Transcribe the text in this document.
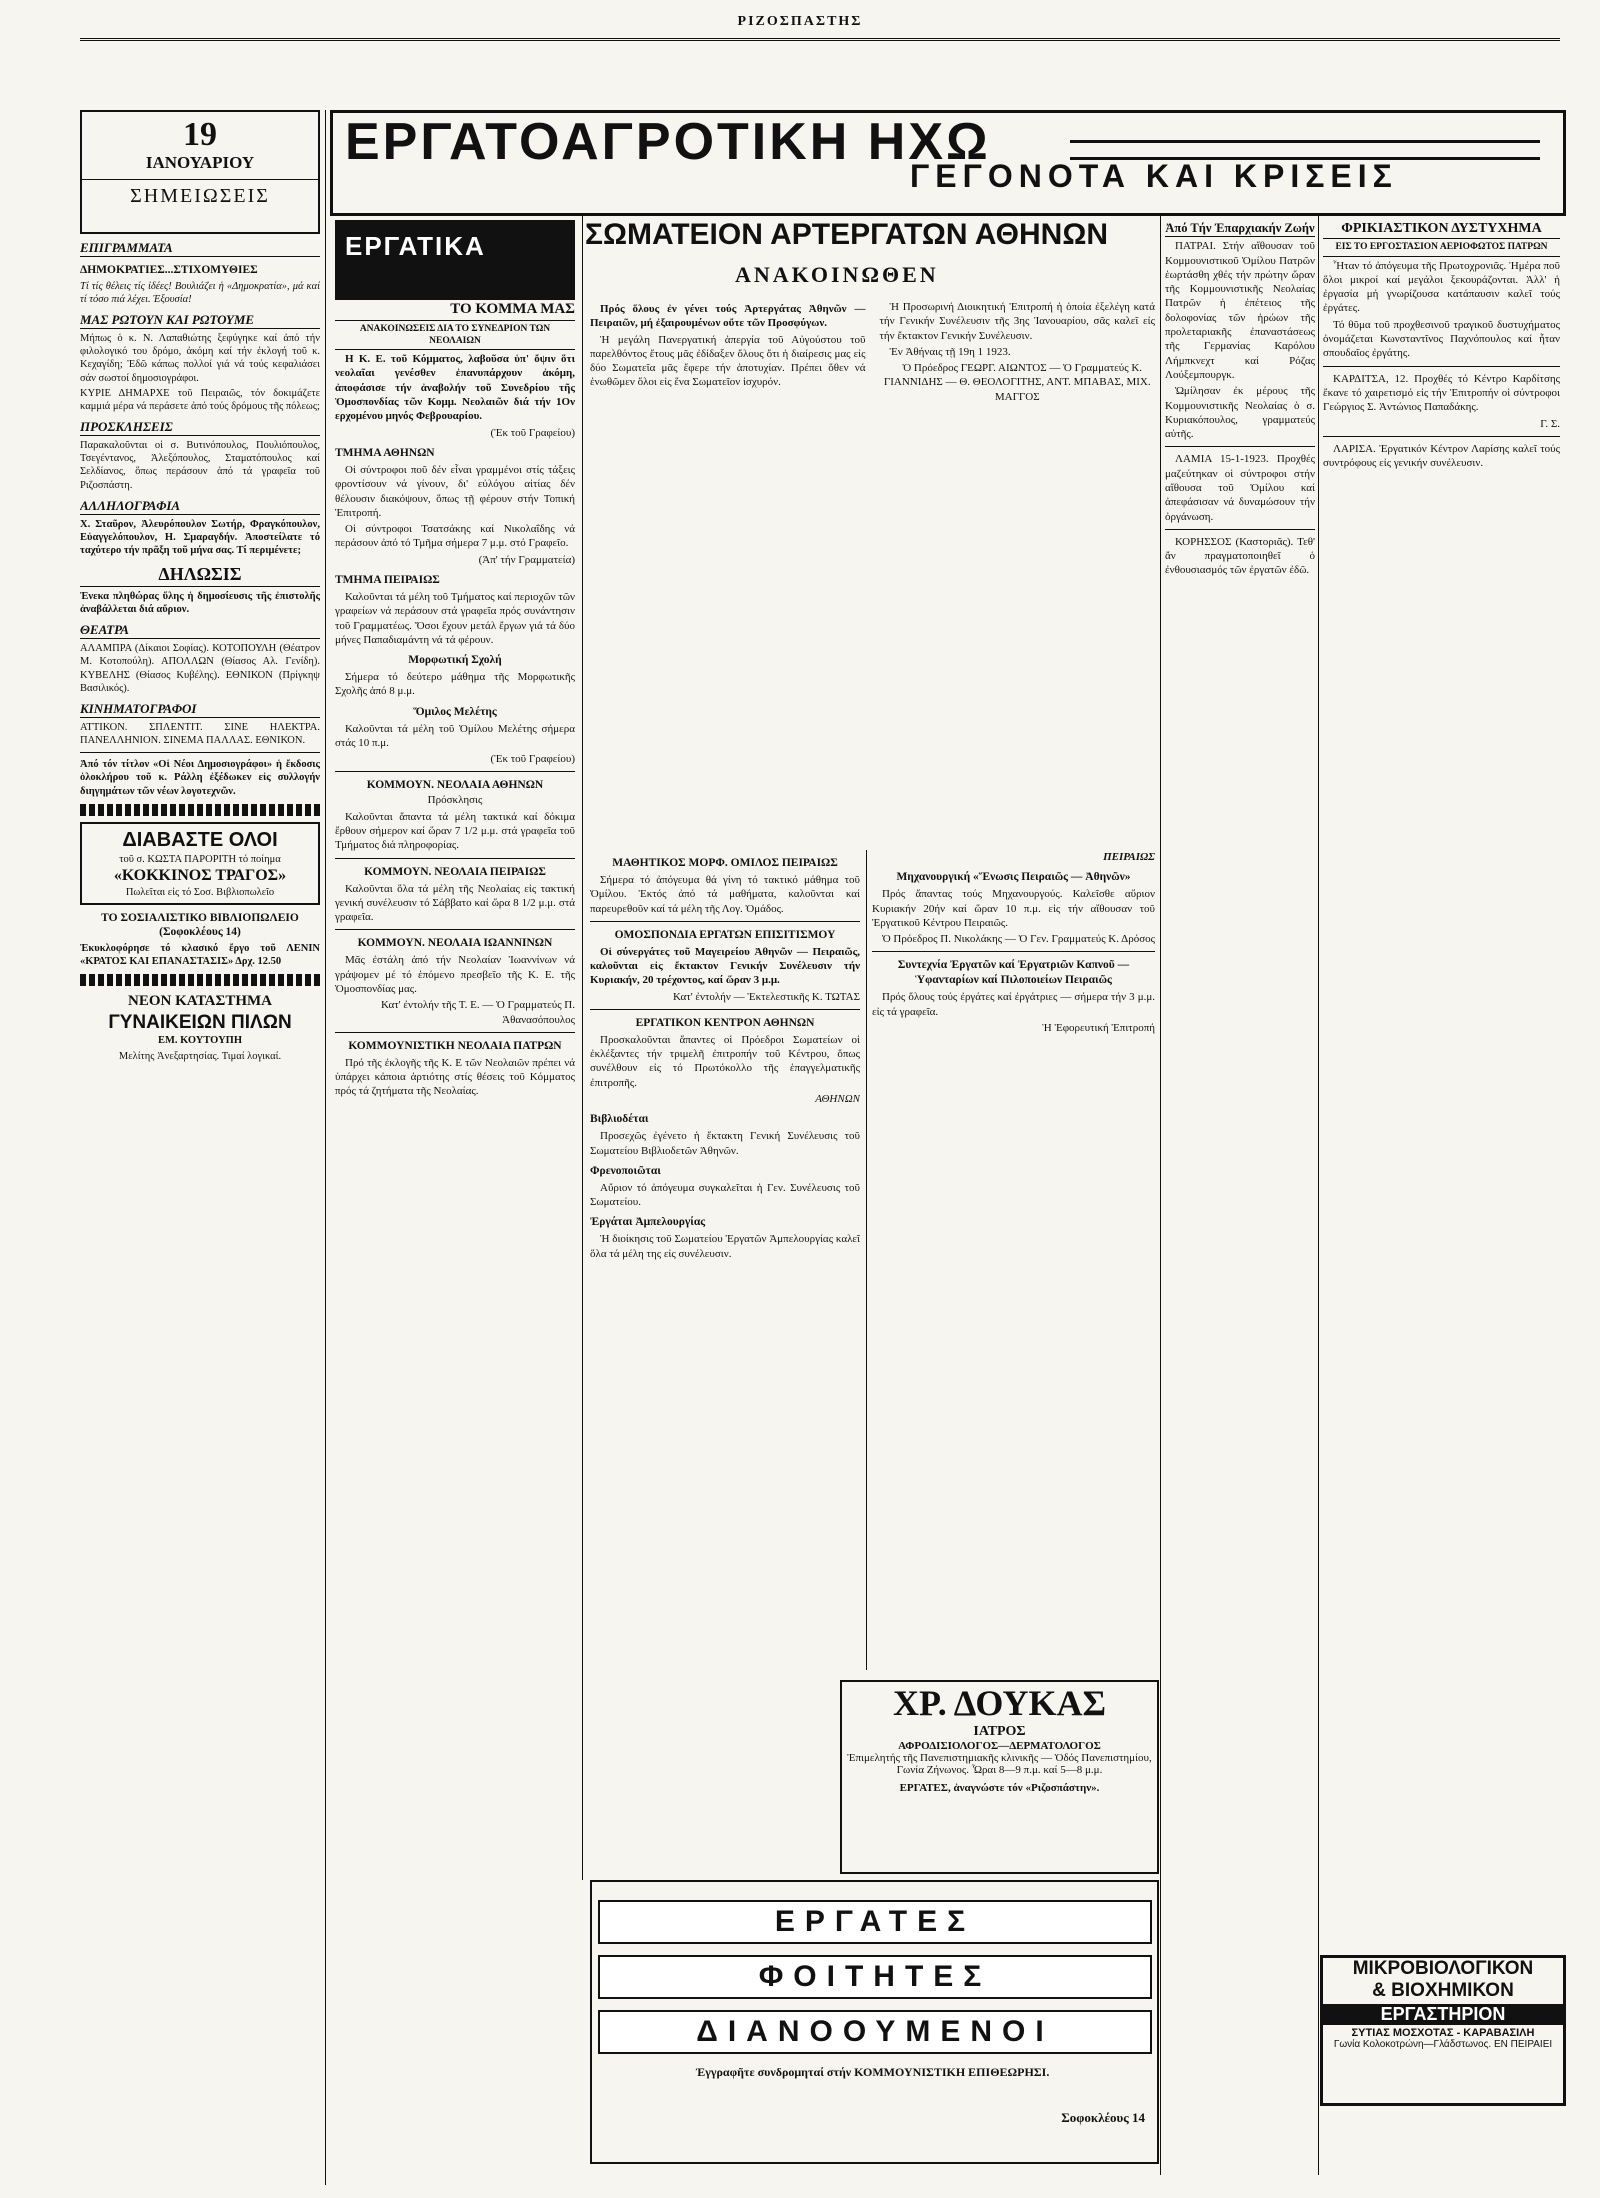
ΡΙΖΟΣΠΑΣΤΗΣ
19
ΙΑΝΟΥΑΡΙΟΥ
ΣΗΜΕΙΩΣΕΙΣ
ΕΠΙΓΡΑΜΜΑΤΑ
ΔΗΜΟΚΡΑΤΙΕΣ...ΣΤΙΧΟΜΥΘΙΕΣ
Τί τίς θέλεις τίς ἰδέες! Βουλιάζει ἡ «Δημοκρατία», μά καί τί τόσο πιά λέχει. Έξουσία!
ΜΑΣ ΡΩΤΟΥΝ ΚΑΙ ΡΩΤΟΥΜΕ
Μήπως ὁ κ. Ν. Λαπαθιώτης ξεφύγηκε καί ἀπό τήν φιλολογικό του δρόμο, ἀκόμη καί τήν ἐκλογή τοῦ κ. Κεχαγίδη; Ἐδῶ κάπως πολλοί γιά νά τούς κεφαλιάσει σάν σωστοί δημοσιογράφοι.
ΚΥΡΙΕ ΔΗΜΑΡΧΕ τοῦ Πειραιῶς, τόν δοκιμάζετε καμμιά μέρα νά περάσετε ἀπό τούς δρόμους τῆς πόλεως;
ΠΡΟΣΚΛΗΣΕΙΣ
Παρακαλοῦνται οἱ σ. Βυτινόπουλος, Πουλιόπουλος, Τσεγέντανος, Ἀλεξόπουλος, Σταματόπουλος καί Σελδίανος, ὅπως περάσουν ἀπό τά γραφεῖα τοῦ Ριζοσπάστη.
ΑΛΛΗΛΟΓΡΑΦΙΑ
Χ. Σταῦρον, Ἀλευρόπουλον Σωτήρ, Φραγκόπουλον, Εὐαγγελόπουλον, Η. Σμαραγδήν. Ἀποστείλατε τό ταχύτερο τήν πρᾶξη τοῦ μήνα σας. Τί περιμένετε;
ΔΗΛΩΣΙΣ
Ἐνεκα πληθώρας ὕλης ἡ δημοσίευσις τῆς ἐπιστολῆς ἀναβάλλεται διά αὔριον.
ΘΕΑΤΡΑ
ΑΛΑΜΠΡΑ (Δίκαιοι Σοφίας). ΚΟΤΟΠΟΥΛΗ (Θέατρον Μ. Κοτοπούλη). ΑΠΟΛΛΩΝ (Θίασος Αλ. Γενίδη). ΚΥΒΕΛΗΣ (Θίασος Κυβέλης). ΕΘΝΙΚΟΝ (Πρίγκηψ Βασιλικός).
ΚΙΝΗΜΑΤΟΓΡΑΦΟΙ
ΑΤΤΙΚΟΝ. ΣΠΛΕΝΤΙΤ. ΣΙΝΕ ΗΛΕΚΤΡΑ. ΠΑΝΕΛΛΗΝΙΟΝ. ΣΙΝΕΜΑ ΠΑΛΛΑΣ. ΕΘΝΙΚΟΝ.
Ἀπό τόν τίτλον «Οἱ Νέοι Δημοσιογράφοι» ἡ ἔκδοσις ὁλοκλήρου τοῦ κ. Ράλλη ἐξέδωκεν εἰς συλλογήν διηγημάτων τῶν νέων λογοτεχνῶν.
ΔΙΑΒΑΣΤΕ ΟΛΟΙ
τοῦ σ. ΚΩΣΤΑ ΠΑΡΟΡΙΤΗ τό ποίημα
«ΚΟΚΚΙΝΟΣ ΤΡΑΓΟΣ»
Πωλεῖται εἰς τό Σοσ. Βιβλιοπωλεῖο
ΤΟ ΣΟΣΙΑΛΙΣΤΙΚΟ ΒΙΒΛΙΟΠΩΛΕΙΟ (Σοφοκλέους 14)
Ἐκυκλοφόρησε τό κλασικό ἔργο τοῦ ΛΕΝΙΝ «ΚΡΑΤΟΣ ΚΑΙ ΕΠΑΝΑΣΤΑΣΙΣ» Δρχ. 12.50
ΝΕΟΝ ΚΑΤΑΣΤΗΜΑ
ΓΥΝΑΙΚΕΙΩΝ ΠΙΛΩΝ
ΕΜ. ΚΟΥΤΟΥΠΗ
Μελίτης Ἀνεξαρτησίας. Τιμαί λογικαί.
ΕΡΓΑΤΟΑΓΡΟΤΙΚΗ ΗΧΩ
ΓΕΓΟΝΟΤΑ ΚΑΙ ΚΡΙΣΕΙΣ
ΕΡΓΑΤΙΚΑ
ΤΟ ΚΟΜΜΑ ΜΑΣ
ΑΝΑΚΟΙΝΩΣΕΙΣ ΔΙΑ ΤΟ ΣΥΝΕΔΡΙΟΝ ΤΩΝ ΝΕΟΛΑΙΩΝ
Η Κ. Ε. τοῦ Κόμματος, λαβοῦσα ὑπ' ὄψιν ὅτι νεολαῖαι γενέσθεν ἐπανυπάρχουν ἀκόμη, ἀποφάσισε τήν ἀναβολήν τοῦ Συνεδρίου τῆς Ὁμοσπονδίας τῶν Κομμ. Νεολαιῶν διά τήν 1Ον ερχομένου μηνός Φεβρουαρίου.
(Ἐκ τοῦ Γραφείου)
ΤΜΗΜΑ ΑΘΗΝΩΝ
Οἱ σύντροφοι ποῦ δέν εἶναι γραμμένοι στίς τάξεις φροντίσουν νά γίνουν, δι' εὐλόγου αἰτίας δέν θέλουσιν διακόψουν, ὅπως τῇ φέρουν στήν Τοπική Ἐπιτροπή.
Οἱ σύντροφοι Τσατσάκης καί Νικολαΐδης νά περάσουν ἀπό τό Τμῆμα σήμερα 7 μ.μ. στό Γραφεῖο.
(Ἀπ' τήν Γραμματεία)
ΤΜΗΜΑ ΠΕΙΡΑΙΩΣ
Καλοῦνται τά μέλη τοῦ Τμήματος καί περιοχῶν τῶν γραφείων νά περάσουν στά γραφεῖα πρός συνάντησιν τοῦ Γραμματέως. Ὅσοι ἔχουν μετάλ ἔργων γιά τά δύο μήνες Παπαδιαμάντη νά τά φέρουν.
Μορφωτική Σχολή
Σήμερα τό δεύτερο μάθημα τῆς Μορφωτικῆς Σχολῆς ἀπό 8 μ.μ.
Ὅμιλος Μελέτης
Καλοῦνται τά μέλη τοῦ Ὁμίλου Μελέτης σήμερα στάς 10 π.μ.
(Ἐκ τοῦ Γραφείου)
ΚΟΜΜΟΥΝ. ΝΕΟΛΑΙΑ ΑΘΗΝΩΝ
Πρόσκλησις
Καλοῦνται ἅπαντα τά μέλη τακτικά καί δόκιμα ἔρθουν σήμερον καί ὥραν 7 1/2 μ.μ. στά γραφεῖα τοῦ Τμήματος διά πληροφορίας.
ΚΟΜΜΟΥΝ. ΝΕΟΛΑΙΑ ΠΕΙΡΑΙΩΣ
Καλοῦνται ὅλα τά μέλη τῆς Νεολαίας εἰς τακτική γενική συνέλευσιν τό Σάββατο καί ὥρα 8 1/2 μ.μ. στά γραφεῖα.
ΚΟΜΜΟΥΝ. ΝΕΟΛΑΙΑ ΙΩΑΝΝΙΝΩΝ
Μᾶς ἐστάλη ἀπό τήν Νεολαίαν Ἰωαννίνων νά γράψομεν μέ τό ἑπόμενο πρεσβεῖο τῆς Κ. Ε. τῆς Ὁμοσπονδίας μας.
Κατ' ἐντολήν τῆς Τ. Ε. — Ὁ Γραμματεύς Π. Ἀθανασόπουλος
ΚΟΜΜΟΥΝΙΣΤΙΚΗ ΝΕΟΛΑΙΑ ΠΑΤΡΩΝ
Πρό τῆς ἐκλογῆς τῆς Κ. Ε τῶν Νεολαιῶν πρέπει νά ὑπάρχει κἀποια ἀρτιότης στίς θέσεις τοῦ Κόμματος πρός τά ζητήματα τῆς Νεολαίας.
ΣΩΜΑΤΕΙΟΝ ΑΡΤΕΡΓΑΤΩΝ ΑΘΗΝΩΝ
ΑΝΑΚΟΙΝΩΘΕΝ
Πρός ὅλους ἐν γένει τούς Ἀρτεργάτας Ἀθηνῶν — Πειραιῶν, μή ἐξαιρουμένων οὔτε τῶν Προσφύγων.
Ἡ μεγάλη Πανεργατική ἀπεργία τοῦ Αὐγούστου τοῦ παρελθόντος ἔτους μᾶς ἐδίδαξεν ὅλους ὅτι ἡ διαίρεσις μας εἰς δύο Σωματεῖα μᾶς ἔφερε τήν ἀποτυχίαν. Πρέπει ὅθεν νά ἑνωθῶμεν ὅλοι εἰς ἕνα Σωματεῖον ἰσχυρόν.
Ἡ Προσωρινή Διοικητική Ἐπιτροπή ἡ ὁποία ἐξελέγη κατά τήν Γενικήν Συνέλευσιν τῆς 3ης Ἰανουαρίου, σᾶς καλεῖ εἰς τήν ἔκτακτον Γενικήν Συνέλευσιν.
Ἐν Ἀθήναις τῇ 19η 1 1923.
Ὁ Πρόεδρος ΓΕΩΡΓ. ΑΙΩΝΤΟΣ — Ὁ Γραμματεύς Κ. ΓΙΑΝΝΙΔΗΣ — Θ. ΘΕΟΛΟΓΙΤΗΣ, ΑΝΤ. ΜΠΑΒΑΣ, ΜΙΧ. ΜΑΓΓΟΣ
ΜΑΘΗΤΙΚΟΣ ΜΟΡΦ. ΟΜΙΛΟΣ ΠΕΙΡΑΙΩΣ
Σήμερα τό ἀπόγευμα θά γίνη τό τακτικό μάθημα τοῦ Ὁμίλου. Ἐκτός ἀπό τά μαθήματα, καλοῦνται καί παρευρεθοῦν καί τά μέλη τῆς Λογ. Ὁμάδος.
ΟΜΟΣΠΟΝΔΙΑ ΕΡΓΑΤΩΝ ΕΠΙΣΙΤΙΣΜΟΥ
Οἱ σύνεργάτες τοῦ Μαγειρείου Ἀθηνῶν — Πειραιῶς, καλοῦνται εἰς ἔκτακτον Γενικήν Συνέλευσιν τήν Κυριακήν, 20 τρέχοντος, καί ὥραν 3 μ.μ.
Κατ' ἐντολήν — Ἐκτελεστικῆς Κ. ΤΩΤΑΣ
ΕΡΓΑΤΙΚΟΝ ΚΕΝΤΡΟΝ ΑΘΗΝΩΝ
Προσκαλοῦνται ἅπαντες οἱ Πρόεδροι Σωματείων οἱ ἐκλέξαντες τήν τριμελῆ ἐπιτροπήν τοῦ Κέντρου, ὅπως συνέλθουν εἰς τό Πρωτόκολλο τῆς ἑπαγγελματικῆς ἐπιτροπῆς.
ΑΘΗΝΩΝ
Βιβλιοδέται
Προσεχῶς ἐγένετο ἡ ἔκτακτη Γενική Συνέλευσις τοῦ Σωματείου Βιβλιοδετῶν Ἀθηνῶν.
Φρενοποιῶται
Αὔριον τό ἀπόγευμα συγκαλεῖται ἡ Γεν. Συνέλευσις τοῦ Σωματείου.
Ἐργάται Ἀμπελουργίας
Ἡ διοίκησις τοῦ Σωματείου Ἐργατῶν Ἀμπελουργίας καλεῖ ὅλα τά μέλη της εἰς συνέλευσιν.
ΠΕΙΡΑΙΩΣ
Μηχανουργική «Ἕνωσις Πειραιῶς — Ἀθηνῶν»
Πρός ἅπαντας τούς Μηχανουργούς. Καλεῖσθε αὔριον Κυριακήν 20ήν καί ὥραν 10 π.μ. εἰς τήν αἴθουσαν τοῦ Ἐργατικοῦ Κέντρου Πειραιῶς.
Ὁ Πρόεδρος Π. Νικολάκης — Ὁ Γεν. Γραμματεύς Κ. Δρόσος
Συντεχνία Ἐργατῶν καί Ἐργατριῶν Καπνοῦ — Ὑφανταρίων καί Πιλοποιείων Πειραιῶς
Πρός ὅλους τούς ἐργάτες καί ἐργάτριες — σήμερα τήν 3 μ.μ. εἰς τά γραφεῖα.
Ἡ Ἐφορευτική Ἐπιτροπή
Ἀπό Τήν Ἐπαρχιακήν Ζωήν
ΠΑΤΡΑΙ. Στήν αἴθουσαν τοῦ Κομμουνιστικοῦ Ὁμίλου Πατρῶν ἑωρτάσθη χθές τήν πρώτην ὥραν τῆς Κομμουνιστικῆς Νεολαίας Πατρῶν ἡ ἐπέτειος τῆς δολοφονίας τῶν ἡρώων τῆς προλεταριακῆς ἐπαναστάσεως τῆς Γερμανίας Καρόλου Λήμπκνεχτ καί Ρόζας Λούξεμπουργκ.
Ὡμίλησαν ἐκ μέρους τῆς Κομμουνιστικῆς Νεολαίας ὁ σ. Κυριακόπουλος, γραμματεύς αὐτῆς.
ΛΑΜΙΑ 15-1-1923. Προχθές μαζεύτηκαν οἱ σύντροφοι στήν αἴθουσα τοῦ Ὁμίλου καί ἀπεφάσισαν νά δυναμώσουν τήν ὀργάνωση.
ΚΟΡΗΣΣΟΣ (Καστοριᾶς). Τεθ' ἄν πραγματοποιηθεῖ ὁ ἐνθουσιασμός τῶν ἐργατῶν ἐδῶ.
ΦΡΙΚΙΑΣΤΙΚΟΝ ΔΥΣΤΥΧΗΜΑ
ΕΙΣ ΤΟ ΕΡΓΟΣΤΑΣΙΟΝ ΑΕΡΙΟΦΩΤΟΣ ΠΑΤΡΩΝ
Ἦταν τό ἀπόγευμα τῆς Πρωτοχρονιᾶς. Ἡμέρα ποῦ ὅλοι μικροί καί μεγάλοι ξεκουράζονται. Ἀλλ' ἡ ἐργασία μή γνωρίζουσα κατάπαυσιν καλεῖ τούς ἐργάτες.
Τό θῦμα τοῦ προχθεσινοῦ τραγικοῦ δυστυχήματος ὀνομάζεται Κωνσταντῖνος Παχνόπουλος καί ἦταν σπουδαῖος ἐργάτης.
ΚΑΡΔΙΤΣΑ, 12. Προχθές τό Κέντρο Καρδίτσης ἔκανε τό χαιρετισμό εἰς τήν Ἐπιτροπήν οἱ σύντροφοι Γεώργιος Σ. Ἀντώνιος Παπαδάκης.
Γ. Σ.
ΛΑΡΙΣΑ. Ἐργατικόν Κέντρον Λαρίσης καλεῖ τούς συντρόφους εἰς γενικήν συνέλευσιν.
ΧΡ. ΔΟΥΚΑΣ
ΙΑΤΡΟΣ
ΑΦΡΟΔΙΣΙΟΛΟΓΟΣ—ΔΕΡΜΑΤΟΛΟΓΟΣ
Ἐπιμελητής τῆς Πανεπιστημιακῆς κλινικῆς — Ὁδός Πανεπιστημίου, Γωνία Ζήνωνος. Ὧραι 8—9 π.μ. καί 5—8 μ.μ.
ΕΡΓΑΤΕΣ, ἀναγνώστε τόν «Ριζοσπάστην».
ΕΡΓΑΤΕΣ
ΦΟΙΤΗΤΕΣ
ΔΙΑΝΟΟΥΜΕΝΟΙ
Ἐγγραφῆτε συνδρομηταί στήν ΚΟΜΜΟΥΝΙΣΤΙΚΗ ΕΠΙΘΕΩΡΗΣΙ.
Σοφοκλέους 14
ΜΙΚΡΟΒΙΟΛΟΓΙΚΟΝ
& ΒΙΟΧΗΜΙΚΟΝ
ΕΡΓΑΣΤΗΡΙΟΝ
ΣΥΤΙΑΣ ΜΟΣΧΟΤΑΣ - ΚΑΡΑΒΑΣΙΛΗ
Γωνία Κολοκοτρώνη—Γλάδστωνος. ΕΝ ΠΕΙΡΑΙΕΙ
